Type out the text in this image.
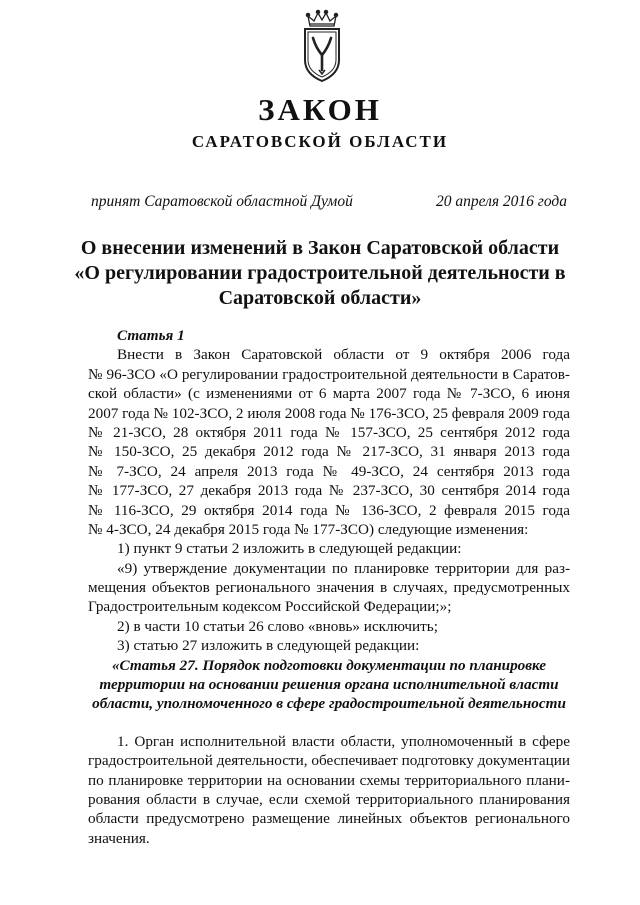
ЗАКОН
САРАТОВСКОЙ ОБЛАСТИ
принят Саратовской областной Думой	20 апреля 2016 года
О внесении изменений в Закон Саратовской области
«О регулировании градостроительной деятельности в
Саратовской области»
Статья 1
Внести в Закон Саратовской области от 9 октября 2006 года
№ 96-ЗСО «О регулировании градостроительной деятельности в Саратов-
ской области» (с изменениями от 6 марта 2007 года № 7-ЗСО, 6 июня
2007 года № 102-ЗСО, 2 июля 2008 года № 176-ЗСО, 25 февраля 2009 года
№ 21-ЗСО, 28 октября 2011 года № 157-ЗСО, 25 сентября 2012 года
№ 150-ЗСО, 25 декабря 2012 года № 217-ЗСО, 31 января 2013 года
№ 7-ЗСО, 24 апреля 2013 года № 49-ЗСО, 24 сентября 2013 года
№ 177-ЗСО, 27 декабря 2013 года № 237-ЗСО, 30 сентября 2014 года
№ 116-ЗСО, 29 октября 2014 года № 136-ЗСО, 2 февраля 2015 года
№ 4-ЗСО, 24 декабря 2015 года № 177-ЗСО) следующие изменения:
1) пункт 9 статьи 2 изложить в следующей редакции:
«9) утверждение документации по планировке территории для раз-
мещения объектов регионального значения в случаях, предусмотренных
Градостроительным кодексом Российской Федерации;»;
2) в части 10 статьи 26 слово «вновь» исключить;
3) статью 27 изложить в следующей редакции:
«Статья 27. Порядок подготовки документации по планировке
территории на основании решения органа исполнительной власти
области, уполномоченного в сфере градостроительной деятельности
1. Орган исполнительной власти области, уполномоченный в сфере
градостроительной деятельности, обеспечивает подготовку документации
по планировке территории на основании схемы территориального плани-
рования области в случае, если схемой территориального планирования
области предусмотрено размещение линейных объектов регионального
значения.
